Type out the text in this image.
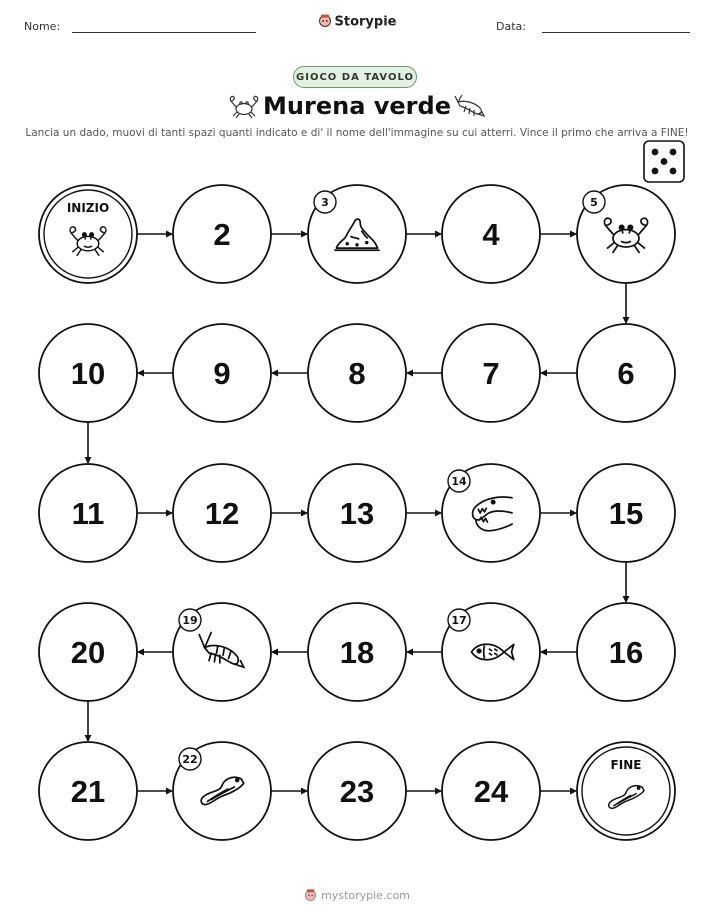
Nome:	Storypie	Data:
GIOCO DA TAVOLO
Murena verde
Lancia un dado, muovi di tanti spazi quanti indicato e di' il nome dell'immagine su cui atterri. Vince il primo che arriva a FINE!
INIZIO
2
3
4
5
6
7
8
9
10
11	12	13
14
15
16
17
18
19
20
21
22
23	24
FINE
mystorypie.com
